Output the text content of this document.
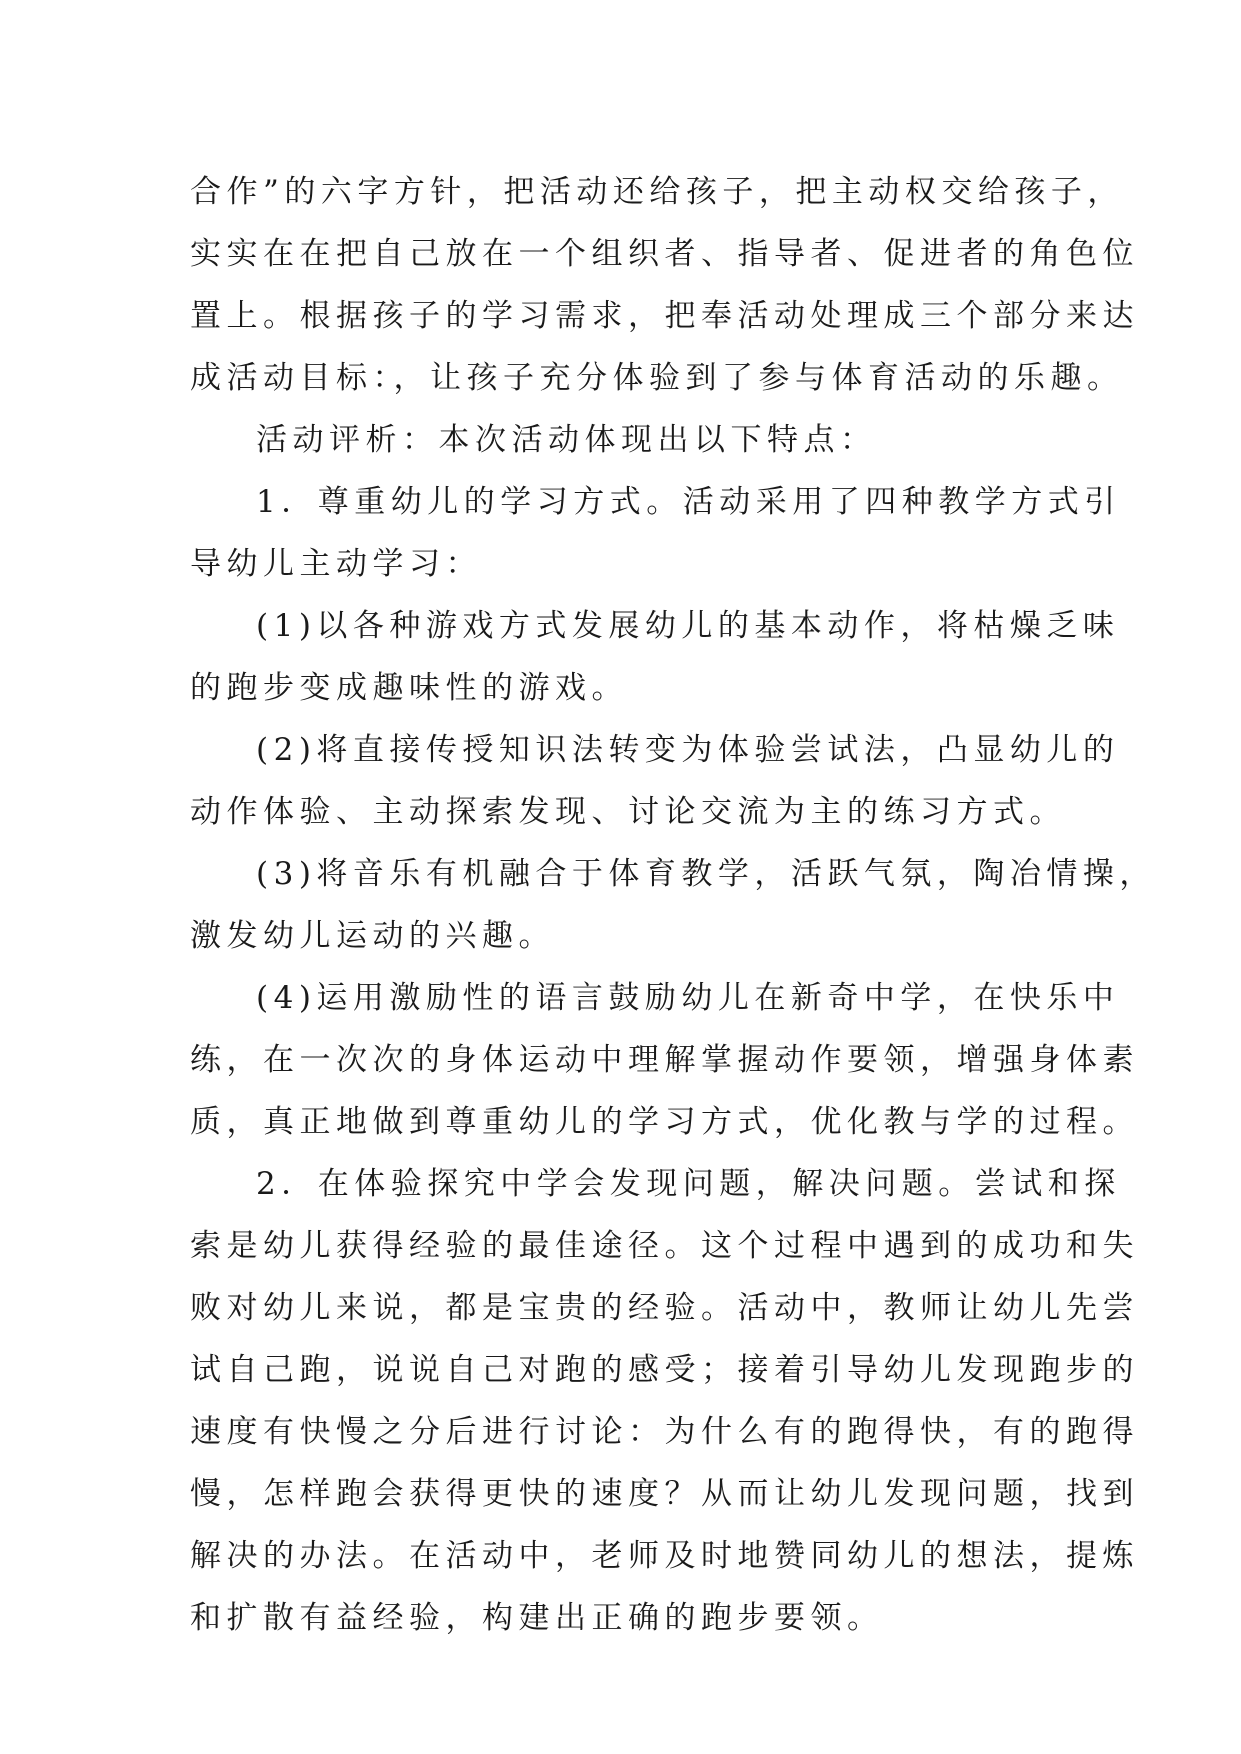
合作”的六字方针，把活动还给孩子，把主动权交给孩子，
实实在在把自己放在一个组织者、指导者、促进者的角色位
置上。根据孩子的学习需求，把奉活动处理成三个部分来达
成活动目标：，让孩子充分体验到了参与体育活动的乐趣。
活动评析：本次活动体现出以下特点：
1．尊重幼儿的学习方式。活动采用了四种教学方式引
导幼儿主动学习：
(1)以各种游戏方式发展幼儿的基本动作，将枯燥乏味
的跑步变成趣味性的游戏。
(2)将直接传授知识法转变为体验尝试法，凸显幼儿的
动作体验、主动探索发现、讨论交流为主的练习方式。
(3)将音乐有机融合于体育教学，活跃气氛，陶冶情操，
激发幼儿运动的兴趣。
(4)运用激励性的语言鼓励幼儿在新奇中学，在快乐中
练，在一次次的身体运动中理解掌握动作要领，增强身体素
质，真正地做到尊重幼儿的学习方式，优化教与学的过程。
2．在体验探究中学会发现问题，解决问题。尝试和探
索是幼儿获得经验的最佳途径。这个过程中遇到的成功和失
败对幼儿来说，都是宝贵的经验。活动中，教师让幼儿先尝
试自己跑，说说自己对跑的感受；接着引导幼儿发现跑步的
速度有快慢之分后进行讨论：为什么有的跑得快，有的跑得
慢，怎样跑会获得更快的速度？从而让幼儿发现问题，找到
解决的办法。在活动中，老师及时地赞同幼儿的想法，提炼
和扩散有益经验，构建出正确的跑步要领。
